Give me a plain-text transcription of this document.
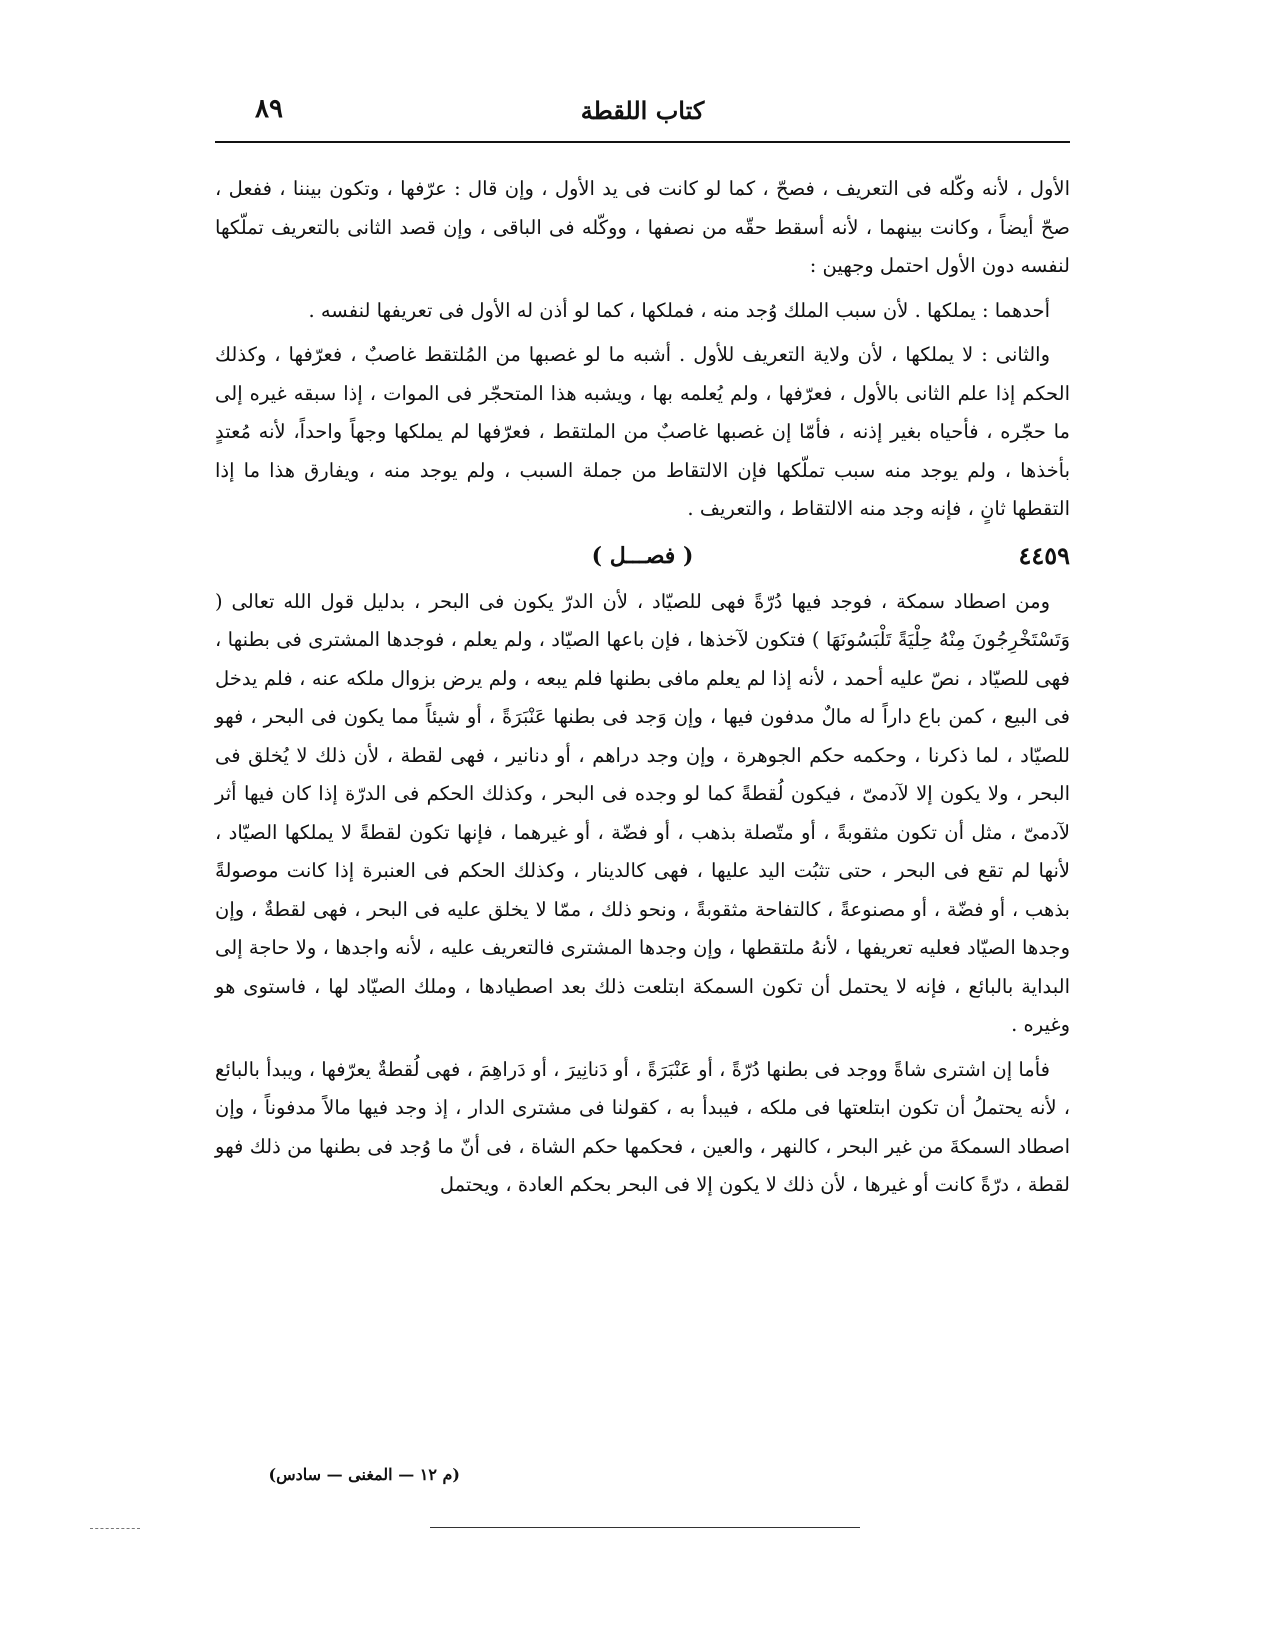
٨٩	كتاب اللقطة

الأول ، لأنه وكّله فى التعريف ، فصحّ ، كما لو كانت فى يد الأول ، وإن قال : عرّفها ، وتكون بيننا ، ففعل ، صحّ أيضاً ، وكانت بينهما ، لأنه أسقط حقّه من نصفها ، ووكّله فى الباقى ، وإن قصد الثانى بالتعريف تملّكها لنفسه دون الأول احتمل وجهين :

أحدهما : يملكها . لأن سبب الملك وُجد منه ، فملكها ، كما لو أذن له الأول فى تعريفها لنفسه .

والثانى : لا يملكها ، لأن ولاية التعريف للأول . أشبه ما لو غصبها من المُلتقط غاصبٌ ، فعرّفها ، وكذلك الحكم إذا علم الثانى بالأول ، فعرّفها ، ولم يُعلمه بها ، ويشبه هذا المتحجّر فى الموات ، إذا سبقه غيره إلى ما حجّره ، فأحياه بغير إذنه ، فأمّا إن غصبها غاصبٌ من الملتقط ، فعرّفها لم يملكها وجهاً واحداً، لأنه مُعتدٍ بأخذها ، ولم يوجد منه سبب تملّكها فإن الالتقاط من جملة السبب ، ولم يوجد منه ، ويفارق هذا ما إذا التقطها ثانٍ ، فإنه وجد منه الالتقاط ، والتعريف .

٤٤٥٩
( فصـــل )

ومن اصطاد سمكة ، فوجد فيها دُرّةً فهى للصيّاد ، لأن الدرّ يكون فى البحر ، بدليل قول الله تعالى ( وَتَسْتَخْرِجُونَ مِنْهُ حِلْيَةً تَلْبَسُونَهَا ) فتكون لآخذها ، فإن باعها الصيّاد ، ولم يعلم ، فوجدها المشترى فى بطنها ، فهى للصيّاد ، نصّ عليه أحمد ، لأنه إذا لم يعلم مافى بطنها فلم يبعه ، ولم يرض بزوال ملكه عنه ، فلم يدخل فى البيع ، كمن باع داراً له مالٌ مدفون فيها ، وإن وَجد فى بطنها عَنْبَرَةً ، أو شيئاً مما يكون فى البحر ، فهو للصيّاد ، لما ذكرنا ، وحكمه حكم الجوهرة ، وإن وجد دراهم ، أو دنانير ، فهى لقطة ، لأن ذلك لا يُخلق فى البحر ، ولا يكون إلا لآدمىّ ، فيكون لُقطةً كما لو وجده فى البحر ، وكذلك الحكم فى الدرّة إذا كان فيها أثر لآدمىّ ، مثل أن تكون مثقوبةً ، أو متّصلة بذهب ، أو فضّة ، أو غيرهما ، فإنها تكون لقطةً لا يملكها الصيّاد ، لأنها لم تقع فى البحر ، حتى تثبُت اليد عليها ، فهى كالدينار ، وكذلك الحكم فى العنبرة إذا كانت موصولةً بذهب ، أو فضّة ، أو مصنوعةً ، كالتفاحة مثقوبةً ، ونحو ذلك ، ممّا لا يخلق عليه فى البحر ، فهى لقطةٌ ، وإن وجدها الصيّاد فعليه تعريفها ، لأنهُ ملتقطها ، وإن وجدها المشترى فالتعريف عليه ، لأنه واجدها ، ولا حاجة إلى البداية بالبائع ، فإنه لا يحتمل أن تكون السمكة ابتلعت ذلك بعد اصطيادها ، وملك الصيّاد لها ، فاستوى هو وغيره .

فأما إن اشترى شاةً ووجد فى بطنها دُرّةً ، أو عَنْبَرَةً ، أو دَنانِيرَ ، أو دَراهِمَ ، فهى لُقطةٌ يعرّفها ، ويبدأ بالبائع ، لأنه يحتملُ أن تكون ابتلعتها فى ملكه ، فيبدأ به ، كقولنا فى مشترى الدار ، إذ وجد فيها مالاً مدفوناً ، وإن اصطاد السمكةَ من غير البحر ، كالنهر ، والعين ، فحكمها حكم الشاة ، فى أنّ ما وُجد فى بطنها من ذلك فهو لقطة ، درّةً كانت أو غيرها ، لأن ذلك لا يكون إلا فى البحر بحكم العادة ، ويحتمل

(م ١٢ — المغنى — سادس)
